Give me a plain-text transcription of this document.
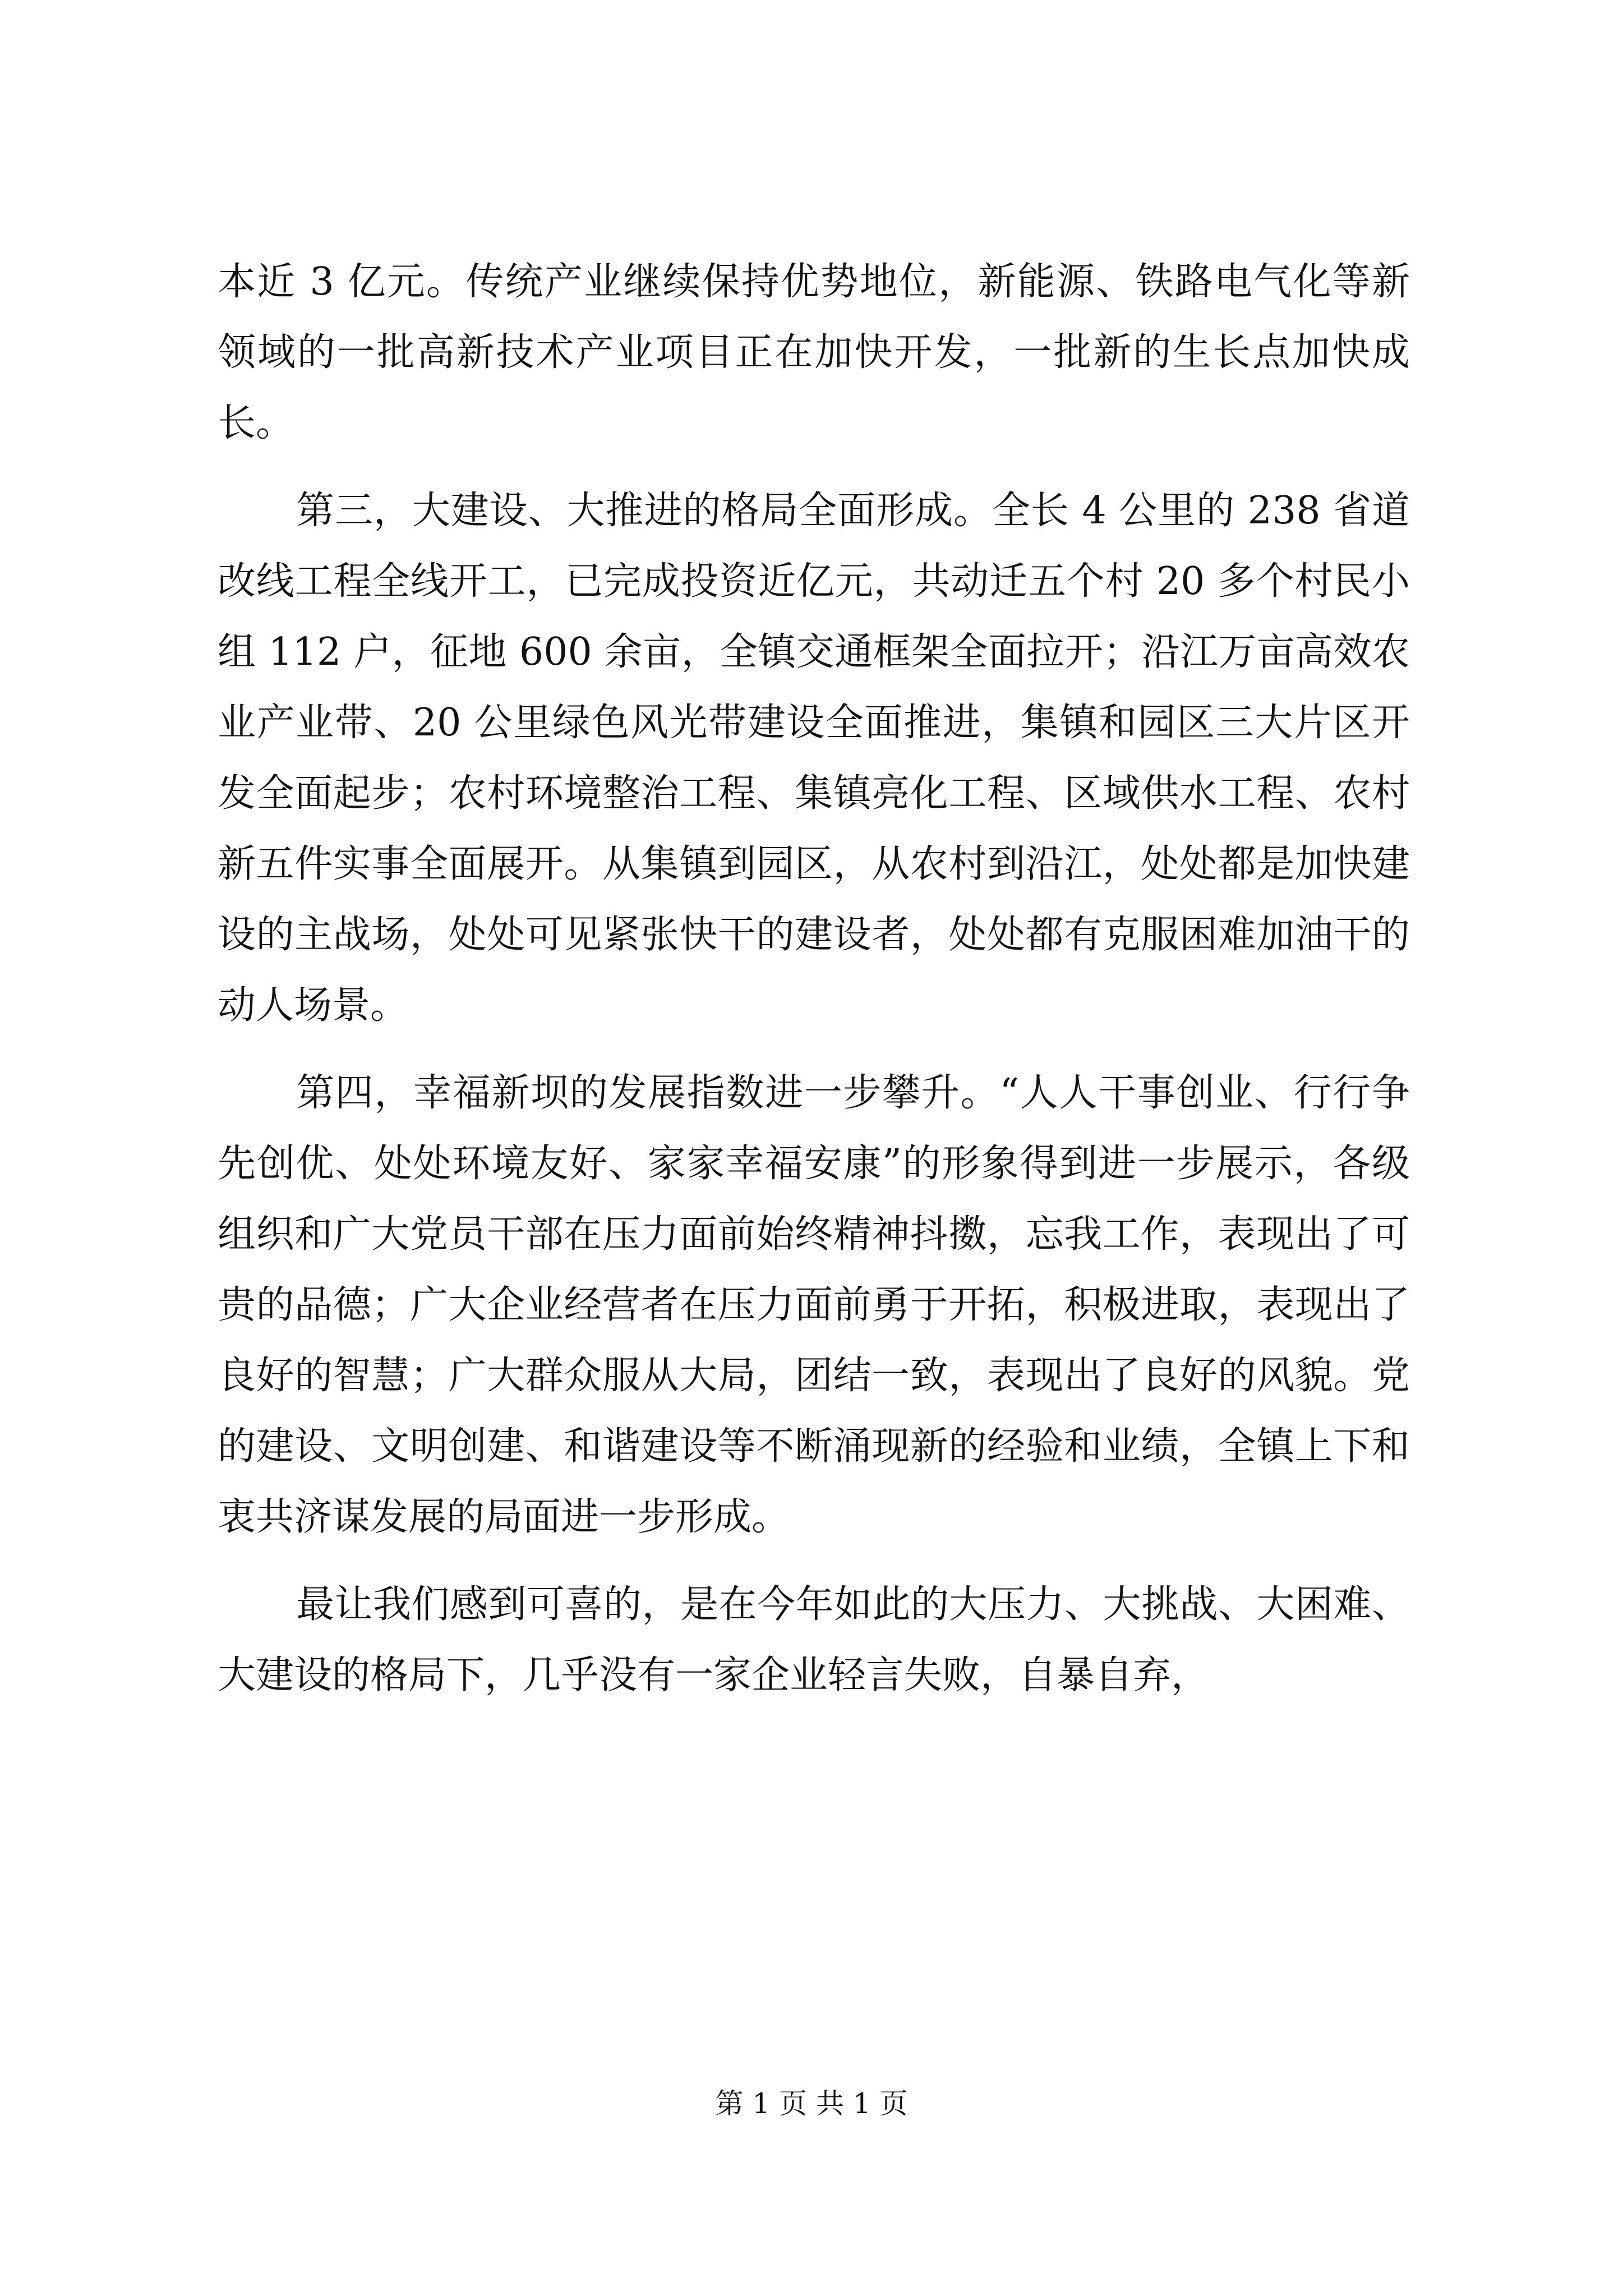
本近 3 亿元。传统产业继续保持优势地位，新能源、铁路电气化等新领域的一批高新技术产业项目正在加快开发，一批新的生长点加快成长。

第三，大建设、大推进的格局全面形成。全长 4 公里的 238 省道改线工程全线开工，已完成投资近亿元，共动迁五个村 20 多个村民小组 112 户，征地 600 余亩，全镇交通框架全面拉开；沿江万亩高效农业产业带、20 公里绿色风光带建设全面推进，集镇和园区三大片区开发全面起步；农村环境整治工程、集镇亮化工程、区域供水工程、农村新五件实事全面展开。从集镇到园区，从农村到沿江，处处都是加快建设的主战场，处处可见紧张快干的建设者，处处都有克服困难加油干的动人场景。

第四，幸福新坝的发展指数进一步攀升。“人人干事创业、行行争先创优、处处环境友好、家家幸福安康”的形象得到进一步展示，各级组织和广大党员干部在压力面前始终精神抖擞，忘我工作，表现出了可贵的品德；广大企业经营者在压力面前勇于开拓，积极进取，表现出了良好的智慧；广大群众服从大局，团结一致，表现出了良好的风貌。党的建设、文明创建、和谐建设等不断涌现新的经验和业绩，全镇上下和衷共济谋发展的局面进一步形成。

最让我们感到可喜的，是在今年如此的大压力、大挑战、大困难、大建设的格局下，几乎没有一家企业轻言失败，自暴自弃，

第 1 页 共 1 页
